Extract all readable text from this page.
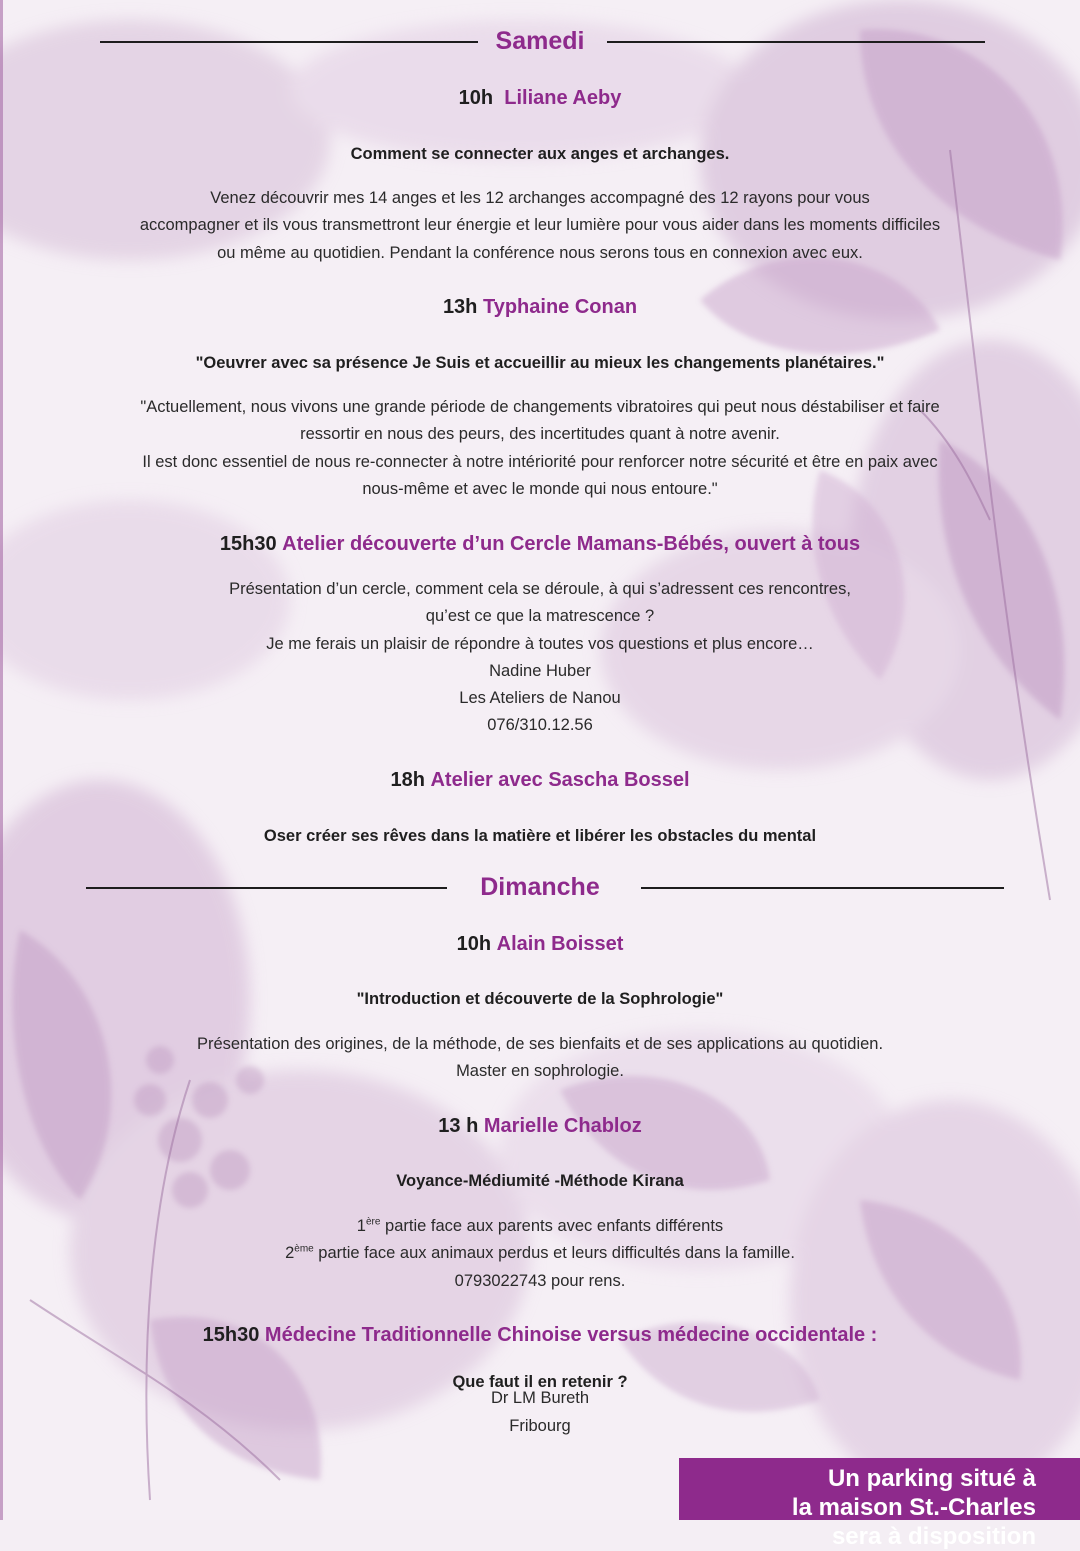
Samedi
10h Liliane Aeby
Comment se connecter aux anges et archanges.

Venez découvrir mes 14 anges et les 12 archanges accompagné des 12 rayons pour vous

accompagner et ils vous transmettront leur énergie et leur lumière pour vous aider dans les moments difficiles

ou même au quotidien. Pendant la conférence nous serons tous en connexion avec eux.

13h Typhaine Conan
"Oeuvrer avec sa présence Je Suis et accueillir au mieux les changements planétaires."

"Actuellement, nous vivons une grande période de changements vibratoires qui peut nous déstabiliser et faire

ressortir en nous des peurs, des incertitudes quant à notre avenir.

Il est donc essentiel de nous re-connecter à notre intériorité pour renforcer notre sécurité et être en paix avec

nous-même et avec le monde qui nous entoure."

15h30 Atelier découverte d’un Cercle Mamans-Bébés, ouvert à tous

Présentation d’un cercle, comment cela se déroule, à qui s’adressent ces rencontres,

qu’est ce que la matrescence ?

Je me ferais un plaisir de répondre à toutes vos questions et plus encore…

Nadine Huber

Les Ateliers de Nanou

076/310.12.56

18h Atelier avec Sascha Bossel
Oser créer ses rêves dans la matière et libérer les obstacles du mental
Dimanche
10h Alain Boisset
"Introduction et découverte de la Sophrologie"

Présentation des origines, de la méthode, de ses bienfaits et de ses applications au quotidien.

Master en sophrologie.

13 h Marielle Chabloz
Voyance-Médiumité -Méthode Kirana

1ère partie face aux parents avec enfants différents

2ème partie face aux animaux perdus et leurs difficultés dans la famille.

0793022743 pour rens.

15h30 Médecine Traditionnelle Chinoise versus médecine occidentale :
Que faut il en retenir ?

Dr LM Bureth

Fribourg

Un parking situé à
la maison St.-Charles
sera à disposition
